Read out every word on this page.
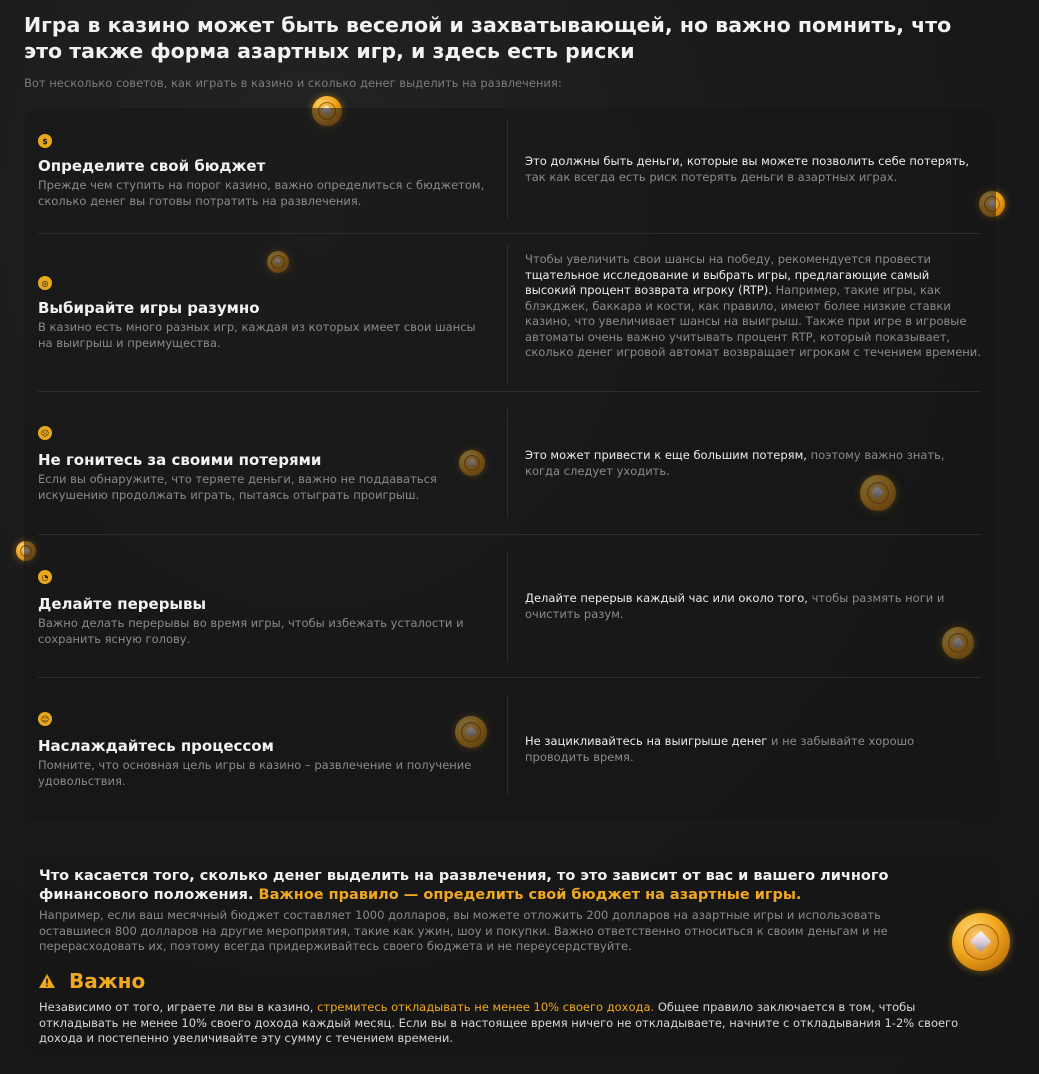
Игра в казино может быть веселой и захватывающей, но важно помнить, что это также форма азартных игр, и здесь есть риски

Вот несколько советов, как играть в казино и сколько денег выделить на развлечения:

$
Определите свой бюджет
Прежде чем ступить на порог казино, важно определиться с бюджетом, сколько денег вы готовы потратить на развлечения.
Это должны быть деньги, которые вы можете позволить себе потерять, так как всегда есть риск потерять деньги в азартных играх.
◎
Выбирайте игры разумно
В казино есть много разных игр, каждая из которых имеет свои шансы на выигрыш и преимущества.
Чтобы увеличить свои шансы на победу, рекомендуется провести тщательное исследование и выбрать игры, предлагающие самый высокий процент возврата игроку (RTP). Например, такие игры, как блэкджек, баккара и кости, как правило, имеют более низкие ставки казино, что увеличивает шансы на выигрыш. Также при игре в игровые автоматы очень важно учитывать процент RTP, который показывает, сколько денег игровой автомат возвращает игрокам с течением времени.
☹
Не гонитесь за своими потерями
Если вы обнаружите, что теряете деньги, важно не поддаваться искушению продолжать играть, пытаясь отыграть проигрыш.
Это может привести к еще большим потерям, поэтому важно знать, когда следует уходить.
◔
Делайте перерывы
Важно делать перерывы во время игры, чтобы избежать усталости и сохранить ясную голову.
Делайте перерыв каждый час или около того, чтобы размять ноги и очистить разум.
☺
Наслаждайтесь процессом
Помните, что основная цель игры в казино – развлечение и получение удовольствия.
Не зацикливайтесь на выигрыше денег и не забывайте хорошо проводить время.
Что касается того, сколько денег выделить на развлечения, то это зависит от вас и вашего личного финансового положения. Важное правило — определить свой бюджет на азартные игры.
Например, если ваш месячный бюджет составляет 1000 долларов, вы можете отложить 200 долларов на азартные игры и использовать оставшиеся 800 долларов на другие мероприятия, такие как ужин, шоу и покупки. Важно ответственно относиться к своим деньгам и не перерасходовать их, поэтому всегда придерживайтесь своего бюджета и не переусердствуйте.
Важно
Независимо от того, играете ли вы в казино, стремитесь откладывать не менее 10% своего дохода. Общее правило заключается в том, чтобы откладывать не менее 10% своего дохода каждый месяц. Если вы в настоящее время ничего не откладываете, начните с откладывания 1-2% своего дохода и постепенно увеличивайте эту сумму с течением времени.
